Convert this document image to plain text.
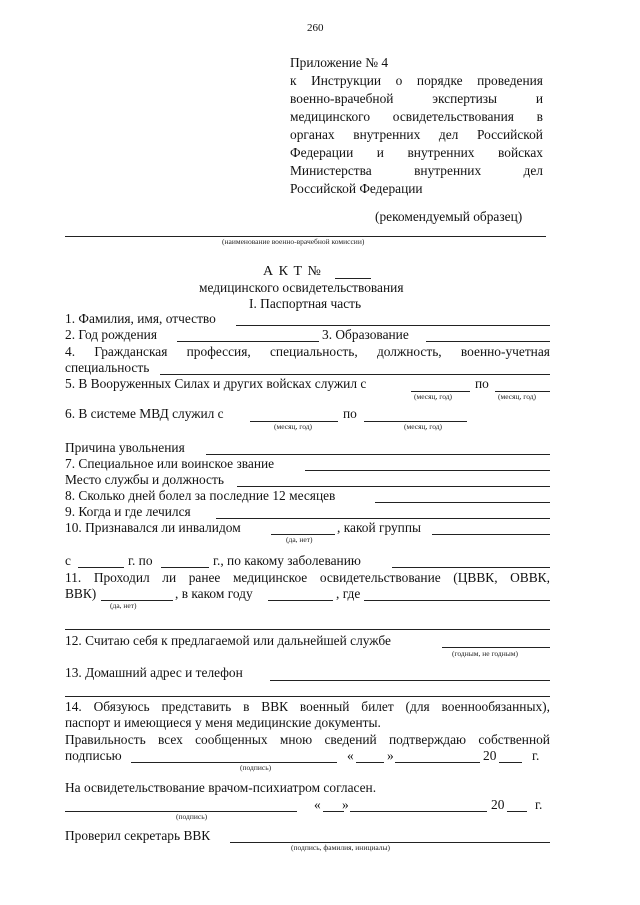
260
Приложение № 4
к Инструкции о порядке проведения
военно-врачебной	экспертизы	и
медицинского освидетельствования в
органах внутренних дел Российской
Федерации и внутренних войсках
Министерства	внутренних	дел
Российской Федерации
(рекомендуемый образец)
(наименование военно-врачебной комиссии)
А К Т №
медицинского освидетельствования
I. Паспортная часть
1. Фамилия, имя, отчество
2. Год рождения	3. Образование
4. Гражданская профессия, специальность, должность, военно-учетная
специальность
5. В Вооруженных Силах и других войсках служил с	по
(месяц, год)	(месяц, год)
6. В системе МВД служил с	по
(месяц, год)	(месяц, год)
Причина увольнения
7. Специальное или воинское звание
Место службы и должность
8. Сколько дней болел за последние 12 месяцев
9. Когда и где лечился
10. Признавался ли инвалидом
(да, нет)
, какой группы
с	г. по	г., по какому заболеванию
11. Проходил ли ранее медицинское освидетельствование (ЦВВК, ОВВК,
ВВК)
(да, нет)
, в каком году	, где
12. Считаю себя к предлагаемой или дальнейшей службе
(годным, не годным)
13. Домашний адрес и телефон
14. Обязуюсь представить в ВВК военный билет (для военнообязанных),
паспорт и имеющиеся у меня медицинские документы.
Правильность всех сообщенных мною сведений подтверждаю собственной
подписью
(подпись)
« »	20	г.
На освидетельствование врачом-психиатром согласен.
(подпись)
« »	20 г.
Проверил секретарь ВВК
(подпись, фамилия, инициалы)
